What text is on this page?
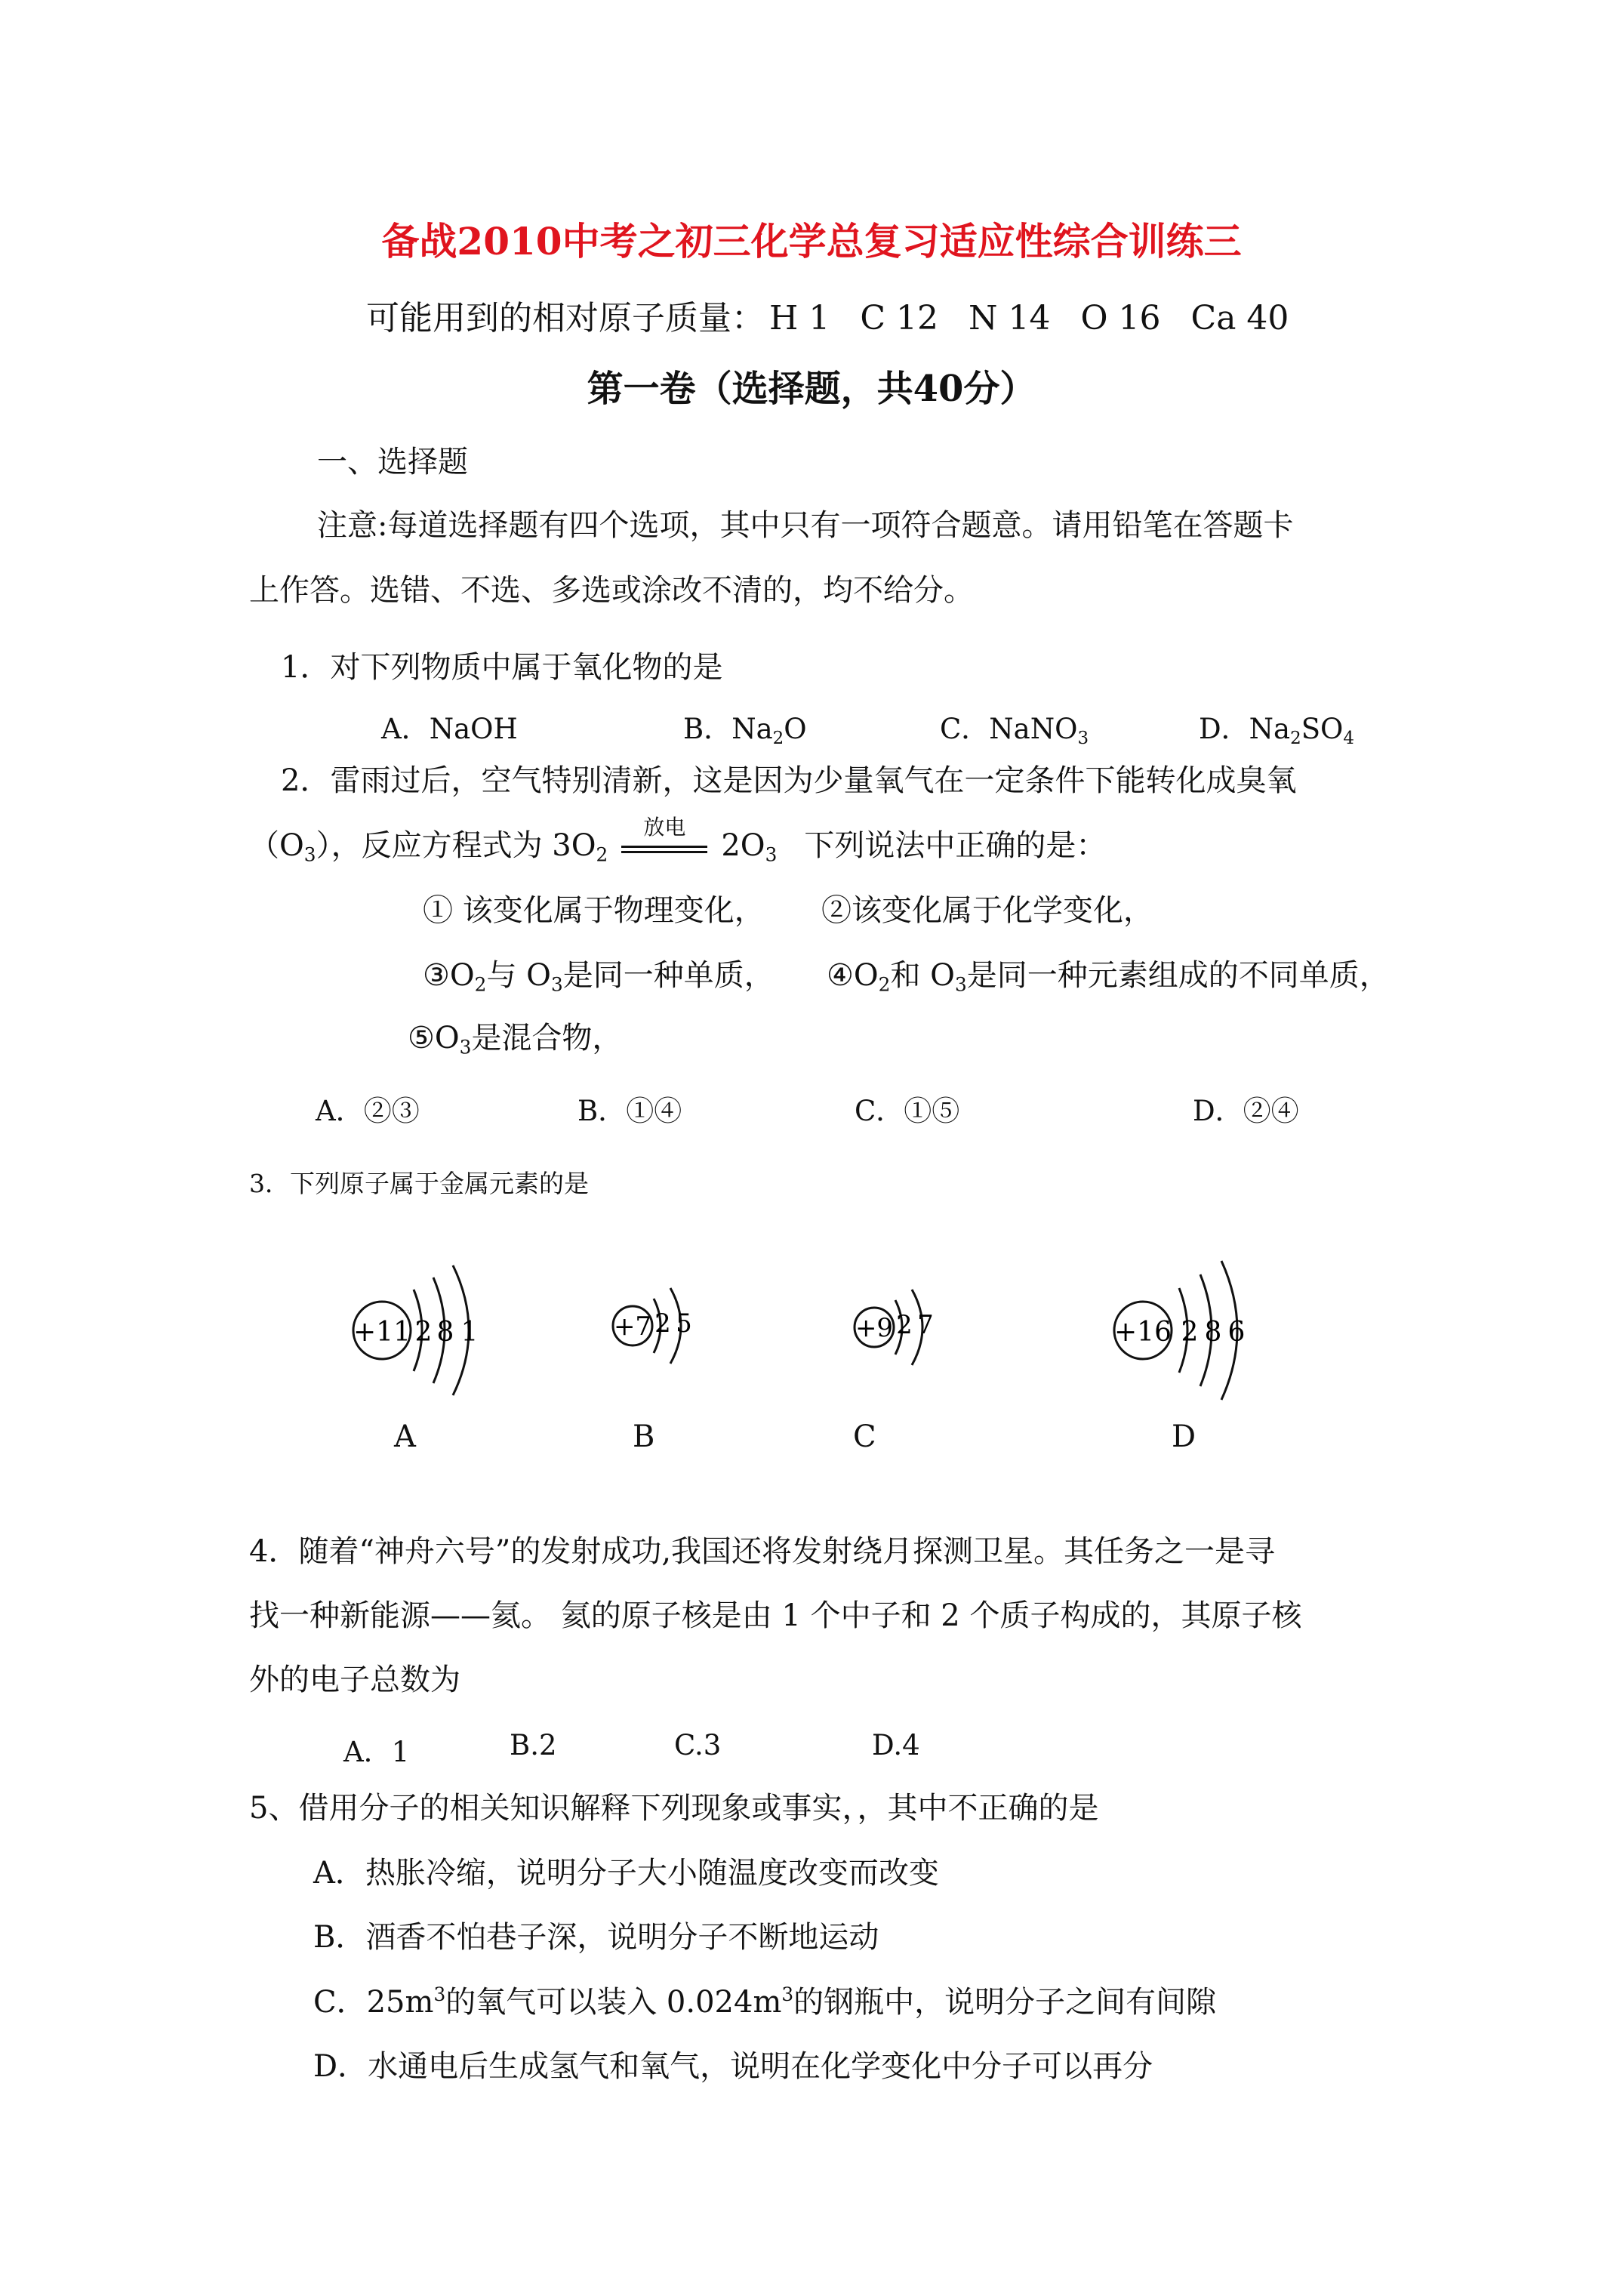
备战2010中考之初三化学总复习适应性综合训练三
可能用到的相对原子质量： H 1 C 12 N 14 O 16 Ca 40
第一卷（选择题，共40分）
一、选择题
注意:每道选择题有四个选项，其中只有一项符合题意。请用铅笔在答题卡
上作答。选错、不选、多选或涂改不清的，均不给分。
1．对下列物质中属于氧化物的是
A．NaOH	B．$Na_2O$	C．NaNO$_3$	D．$Na_2SO_4$
2．雷雨过后，空气特别清新，这是因为少量氧气在一定条件下能转化成臭氧
$(O_3)$，反应方程式为 $3O_2$
放电
$2O_3$ 下列说法中正确的是：
① 该变化属于物理变化， ②该变化属于化学变化，
$③O_2$与 $O_3$是同一种单质， $④O_2$和 $O_3$是同一种元素组成的不同单质，
$⑤O_3$是混合物，
A．②③	B．①④	C．①⑤	D．②④
3．下列原子属于金属元素的是
+11 2 8 1	+7 2 5	+9 2 7	+16 2 8 6
A	B	C	D
4．随着“神舟六号”的发射成功,我国还将发射绕月探测卫星。其任务之一是寻
找一种新能源——氦。 氦的原子核是由 1 个中子和 2 个质子构成的，其原子核
外的电子总数为
A．1	B.2	C.3	D.4
5、借用分子的相关知识解释下列现象或事实，，其中不正确的是
A．热胀冷缩，说明分子大小随温度改变而改变
B．酒香不怕巷子深，说明分子不断地运动
C．$25m^3$的氧气可以装入 $0.024m^3$的钢瓶中，说明分子之间有间隙
D．水通电后生成氢气和氧气，说明在化学变化中分子可以再分
